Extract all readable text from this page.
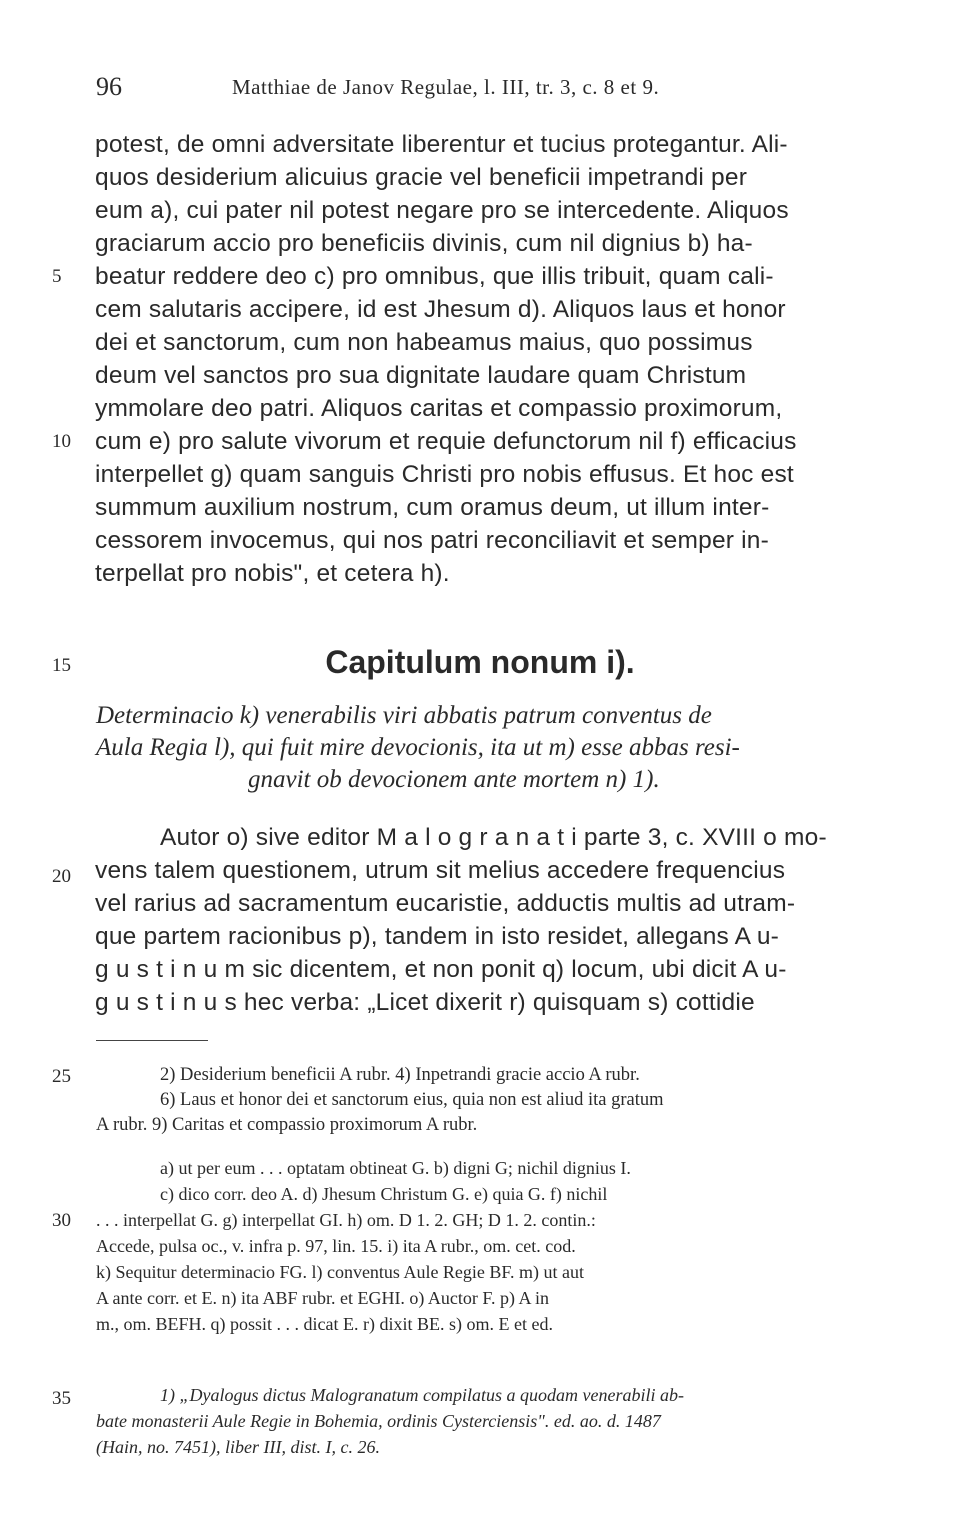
96	Matthiae de Janov Regulae, l. III, tr. 3, c. 8 et 9.
potest, de omni adversitate liberentur et tucius protegantur. Ali-
quos desiderium alicuius gracie vel beneficii impetrandi per
eum a), cui pater nil potest negare pro se intercedente. Aliquos
graciarum accio pro beneficiis divinis, cum nil dignius b) ha-
beatur reddere deo c) pro omnibus, que illis tribuit, quam cali-
cem salutaris accipere, id est Jhesum d). Aliquos laus et honor
dei et sanctorum, cum non habeamus maius, quo possimus
deum vel sanctos pro sua dignitate laudare quam Christum
ymmolare deo patri. Aliquos caritas et compassio proximorum,
cum e) pro salute vivorum et requie defunctorum nil f) efficacius
interpellet g) quam sanguis Christi pro nobis effusus. Et hoc est
summum auxilium nostrum, cum oramus deum, ut illum inter-
cessorem invocemus, qui nos patri reconciliavit et semper in-
terpellat pro nobis", et cetera h).
5
10
15
20
25
30
35
Capitulum nonum i).
Determinacio k) venerabilis viri abbatis patrum conventus de
Aula Regia l), qui fuit mire devocionis, ita ut m) esse abbas resi-
gnavit ob devocionem ante mortem n) 1).
Autor o) sive editor M a l o g r a n a t i parte 3, c. XVIII o mo-
vens talem questionem, utrum sit melius accedere frequencius
vel rarius ad sacramentum eucaristie, adductis multis ad utram-
que partem racionibus p), tandem in isto residet, allegans A u-
g u s t i n u m sic dicentem, et non ponit q) locum, ubi dicit A u-
g u s t i n u s hec verba: „Licet dixerit r) quisquam s) cottidie
2) Desiderium beneficii A rubr. 4) Inpetrandi gracie accio A rubr.
6) Laus et honor dei et sanctorum eius, quia non est aliud ita gratum
A rubr. 9) Caritas et compassio proximorum A rubr.
a) ut per eum . . . optatam obtineat G. b) digni G; nichil dignius I.
c) dico corr. deo A. d) Jhesum Christum G. e) quia G. f) nichil
. . . interpellat G. g) interpellat GI. h) om. D 1. 2. GH; D 1. 2. contin.:
Accede, pulsa oc., v. infra p. 97, lin. 15. i) ita A rubr., om. cet. cod.
k) Sequitur determinacio FG. l) conventus Aule Regie BF. m) ut aut
A ante corr. et E. n) ita ABF rubr. et EGHI. o) Auctor F. p) A in
m., om. BEFH. q) possit . . . dicat E. r) dixit BE. s) om. E et ed.
1) „Dyalogus dictus Malogranatum compilatus a quodam venerabili ab-
bate monasterii Aule Regie in Bohemia, ordinis Cysterciensis". ed. ao. d. 1487
(Hain, no. 7451), liber III, dist. I, c. 26.
